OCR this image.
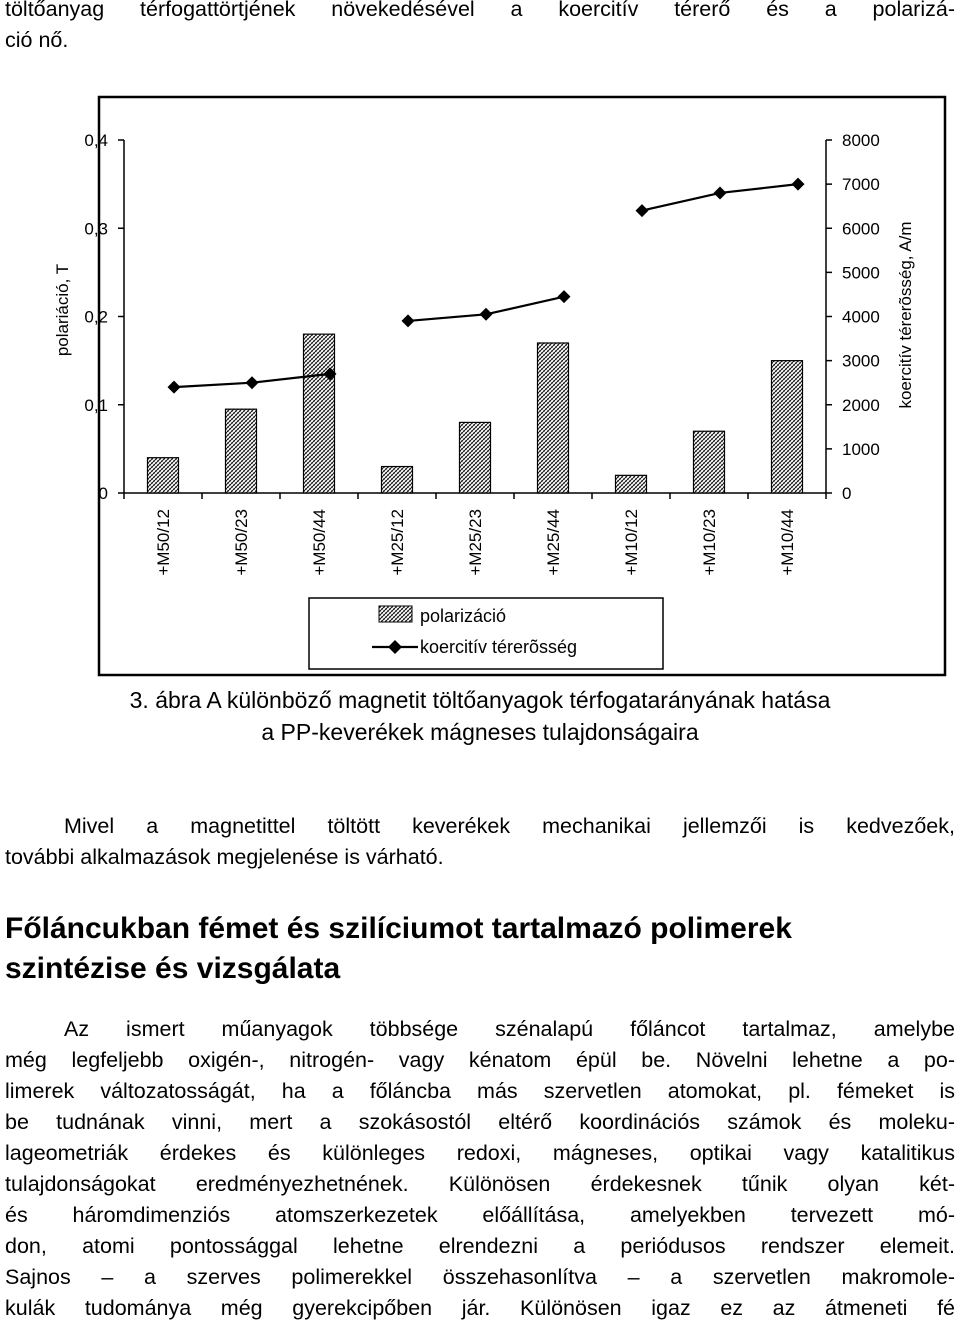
töltőanyag térfogattörtjének növekedésével a koercitív térerő és a polarizá-
ció nő.
0
0,1
0,2
0,3
0,4
0
1000
2000
3000
4000
5000
6000
7000
8000
+M50/12	+M50/23	+M50/44	+M25/12	+M25/23	+M25/44	+M10/12	+M10/23	+M10/44
polariáció, T	koercitív térerõsség, A/m
polarizáció
koercitív térerõsség
3. ábra A különböző magnetit töltőanyagok térfogatarányának hatása
a PP-keverékek mágneses tulajdonságaira
Mivel a magnetittel töltött keverékek mechanikai jellemzői is kedvezőek,
további alkalmazások megjelenése is várható.
Főláncukban fémet és szilíciumot tartalmazó polimerek
szintézise és vizsgálata
Az ismert műanyagok többsége szénalapú főláncot tartalmaz, amelybe
még legfeljebb oxigén-, nitrogén- vagy kénatom épül be. Növelni lehetne a po-
limerek változatosságát, ha a főláncba más szervetlen atomokat, pl. fémeket is
be tudnának vinni, mert a szokásostól eltérő koordinációs számok és moleku-
lageometriák érdekes és különleges redoxi, mágneses, optikai vagy katalitikus
tulajdonságokat eredményezhetnének. Különösen érdekesnek tűnik olyan két-
és háromdimenziós atomszerkezetek előállítása, amelyekben tervezett mó-
don, atomi pontossággal lehetne elrendezni a periódusos rendszer elemeit.
Sajnos – a szerves polimerekkel összehasonlítva – a szervetlen makromole-
kulák tudománya még gyerekcipőben jár. Különösen igaz ez az átmeneti fé
